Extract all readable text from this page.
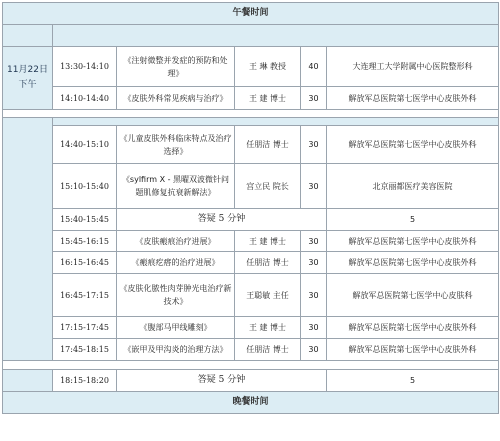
午餐时间						

11月22日
下午	13:30-14:10	《注射微整并发症的预防和处理》	王 琳 教授	40	大连理工大学附属中心医院整形科	
	14:10-14:40	《皮肤外科常见疾病与治疗》	王 建 博士	30	解放军总医院第七医学中心皮肤外科	

	14:40-15:10	《儿童皮肤外科临床特点及治疗选择》	任朋洁 博士	30	解放军总医院第七医学中心皮肤外科	
	15:10-15:40	《sylfirm X - 黑曜双波微针问题肌修复抗衰新解法》	宫立民 院长	30	北京丽都医疗美容医院	
	15:40-15:45	答疑 5 分钟			5	
	15:45-16:15	《皮肤瘢痕治疗进展》	王 建 博士	30	解放军总医院第七医学中心皮肤外科	
	16:15-16:45	《瘢痕疙瘩的治疗进展》	任朋洁 博士	30	解放军总医院第七医学中心皮肤外科	
	16:45-17:15	《皮肤化脓性肉芽肿光电治疗新技术》	王聪敏 主任	30	解放军总医院第七医学中心皮肤科	
	17:15-17:45	《腹部马甲线雕刻》	王 建 博士	30	解放军总医院第七医学中心皮肤外科	
	17:45-18:15	《嵌甲及甲沟炎的治理方法》	任朋洁 博士	30	解放军总医院第七医学中心皮肤外科	

	18:15-18:20	答疑 5 分钟			5	
晚餐时间						
